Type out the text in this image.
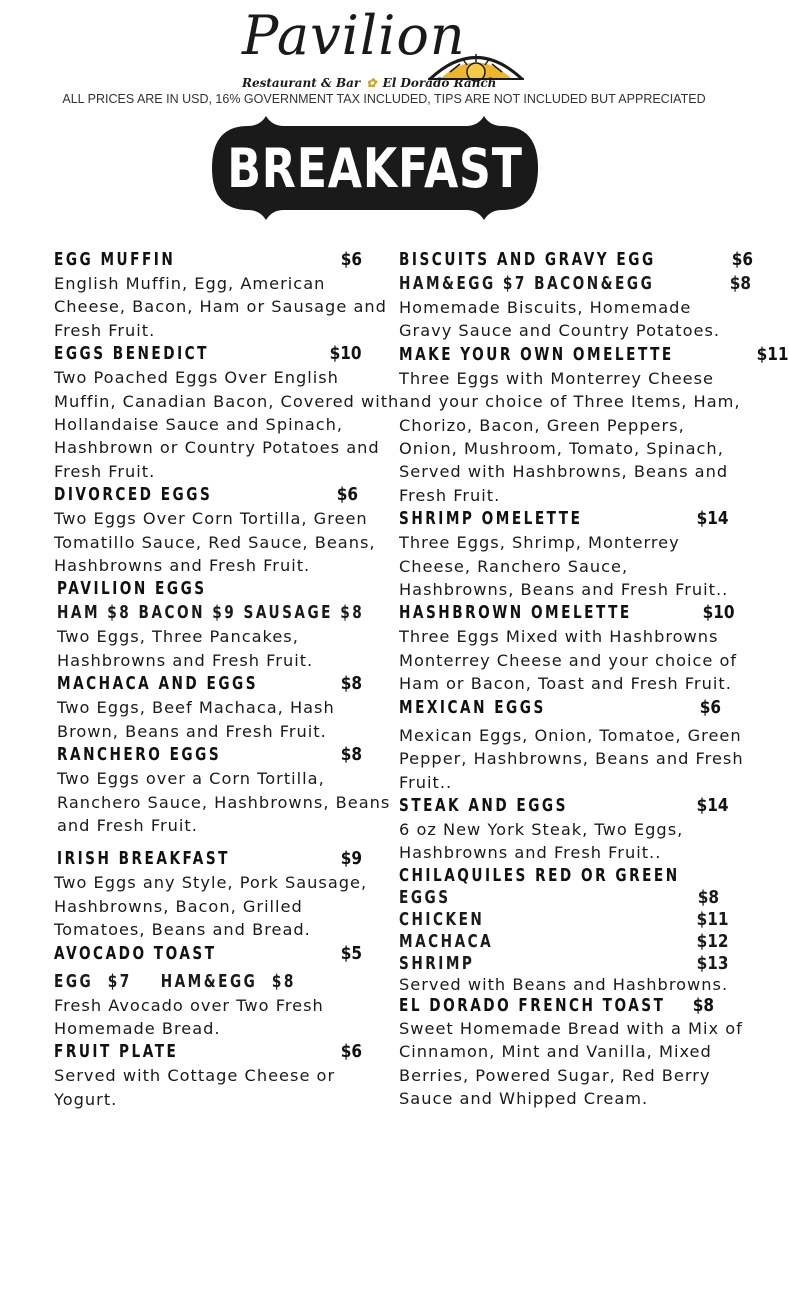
Pavilion
Restaurant & Bar ✿ El Dorado Ranch
ALL PRICES ARE IN USD, 16% GOVERNMENT TAX INCLUDED, TIPS ARE NOT INCLUDED BUT APPRECIATED
BREAKFAST
EGG MUFFIN	$6
English Muffin, Egg, American Cheese, Bacon, Ham or Sausage and Fresh Fruit.
EGGS BENEDICT	$10
Two Poached Eggs Over English Muffin, Canadian Bacon, Covered with Hollandaise Sauce and Spinach, Hashbrown or Country Potatoes and Fresh Fruit.
DIVORCED EGGS	$6
Two Eggs Over Corn Tortilla, Green Tomatillo Sauce, Red Sauce, Beans, Hashbrowns and Fresh Fruit.
PAVILION EGGS
HAM $8 BACON $9 SAUSAGE $8
Two Eggs, Three Pancakes, Hashbrowns and Fresh Fruit.
MACHACA AND EGGS	$8
Two Eggs, Beef Machaca, Hash Brown, Beans and Fresh Fruit.
RANCHERO EGGS	$8
Two Eggs over a Corn Tortilla, Ranchero Sauce, Hashbrowns, Beans and Fresh Fruit.
IRISH BREAKFAST	$9
Two Eggs any Style, Pork Sausage, Hashbrowns, Bacon, Grilled Tomatoes, Beans and Bread.
AVOCADO TOAST	$5
EGG  $7    HAM&EGG  $8
Fresh Avocado over Two Fresh Homemade Bread.
FRUIT PLATE	$6
Served with Cottage Cheese or Yogurt.
BISCUITS AND GRAVY EGG	$6
HAM&EGG $7 BACON&EGG	$8
Homemade Biscuits, Homemade Gravy Sauce and Country Potatoes.
MAKE YOUR OWN OMELETTE	$11
Three Eggs with Monterrey Cheese and your choice of Three Items, Ham, Chorizo, Bacon, Green Peppers, Onion, Mushroom, Tomato, Spinach, Served with Hashbrowns, Beans and Fresh Fruit.
SHRIMP OMELETTE	$14
Three Eggs, Shrimp, Monterrey Cheese, Ranchero Sauce, Hashbrowns, Beans and Fresh Fruit..
HASHBROWN OMELETTE	$10
Three Eggs Mixed with Hashbrowns Monterrey Cheese and your choice of Ham or Bacon, Toast and Fresh Fruit.
MEXICAN EGGS	$6
Mexican Eggs, Onion, Tomatoe, Green Pepper, Hashbrowns, Beans and Fresh Fruit..
STEAK AND EGGS	$14
6 oz New York Steak, Two Eggs, Hashbrowns and Fresh Fruit..
CHILAQUILES RED OR GREEN
EGGS	$8
CHICKEN	$11
MACHACA	$12
SHRIMP	$13
Served with Beans and Hashbrowns.
EL DORADO FRENCH TOAST $8
Sweet Homemade Bread with a Mix of Cinnamon, Mint and Vanilla, Mixed Berries, Powered Sugar, Red Berry Sauce and Whipped Cream.
